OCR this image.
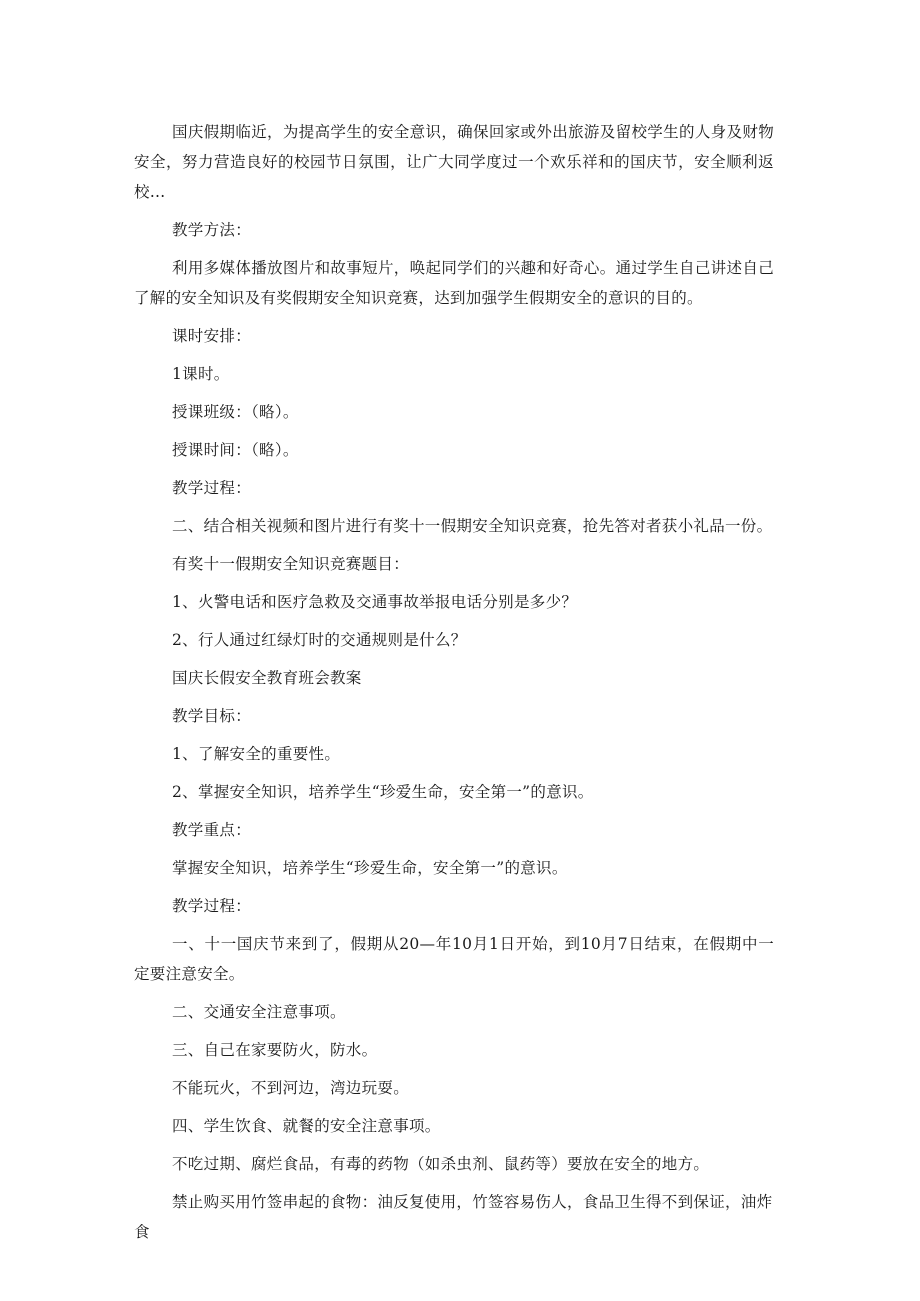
国庆假期临近，为提高学生的安全意识，确保回家或外出旅游及留校学生的人身及财物安全，努力营造良好的校园节日氛围，让广大同学度过一个欢乐祥和的国庆节，安全顺利返校…

教学方法：

利用多媒体播放图片和故事短片，唤起同学们的兴趣和好奇心。通过学生自己讲述自己了解的安全知识及有奖假期安全知识竞赛，达到加强学生假期安全的意识的目的。

课时安排：

1课时。

授课班级：（略）。

授课时间：（略）。

教学过程：

二、结合相关视频和图片进行有奖十一假期安全知识竞赛，抢先答对者获小礼品一份。

有奖十一假期安全知识竞赛题目：

1、火警电话和医疗急救及交通事故举报电话分别是多少？

2、行人通过红绿灯时的交通规则是什么？

国庆长假安全教育班会教案

教学目标：

1、了解安全的重要性。

2、掌握安全知识，培养学生“珍爱生命，安全第一”的意识。

教学重点：

掌握安全知识，培养学生“珍爱生命，安全第一”的意识。

教学过程：

一、十一国庆节来到了，假期从20—年10月1日开始，到10月7日结束，在假期中一定要注意安全。

二、交通安全注意事项。

三、自己在家要防火，防水。

不能玩火，不到河边，湾边玩耍。

四、学生饮食、就餐的安全注意事项。

不吃过期、腐烂食品，有毒的药物（如杀虫剂、鼠药等）要放在安全的地方。

禁止购买用竹签串起的食物：油反复使用，竹签容易伤人，食品卫生得不到保证，油炸食
